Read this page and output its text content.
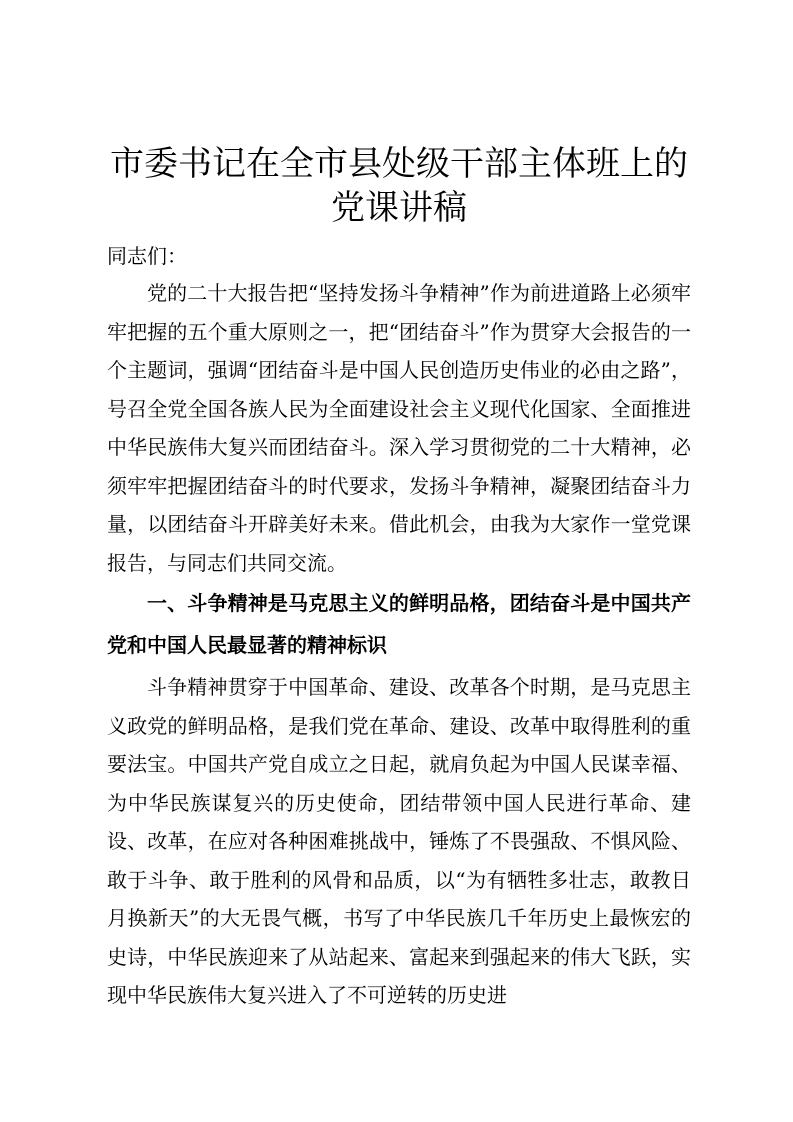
市委书记在全市县处级干部主体班上的党课讲稿

同志们：

党的二十大报告把“坚持发扬斗争精神”作为前进道路上必须牢牢把握的五个重大原则之一，把“团结奋斗”作为贯穿大会报告的一个主题词，强调“团结奋斗是中国人民创造历史伟业的必由之路”，号召全党全国各族人民为全面建设社会主义现代化国家、全面推进中华民族伟大复兴而团结奋斗。深入学习贯彻党的二十大精神，必须牢牢把握团结奋斗的时代要求，发扬斗争精神，凝聚团结奋斗力量，以团结奋斗开辟美好未来。借此机会，由我为大家作一堂党课报告，与同志们共同交流。

一、斗争精神是马克思主义的鲜明品格，团结奋斗是中国共产党和中国人民最显著的精神标识

斗争精神贯穿于中国革命、建设、改革各个时期，是马克思主义政党的鲜明品格，是我们党在革命、建设、改革中取得胜利的重要法宝。中国共产党自成立之日起，就肩负起为中国人民谋幸福、为中华民族谋复兴的历史使命，团结带领中国人民进行革命、建设、改革，在应对各种困难挑战中，锤炼了不畏强敌、不惧风险、敢于斗争、敢于胜利的风骨和品质，以“为有牺牲多壮志，敢教日月换新天”的大无畏气概，书写了中华民族几千年历史上最恢宏的史诗，中华民族迎来了从站起来、富起来到强起来的伟大飞跃，实现中华民族伟大复兴进入了不可逆转的历史进
